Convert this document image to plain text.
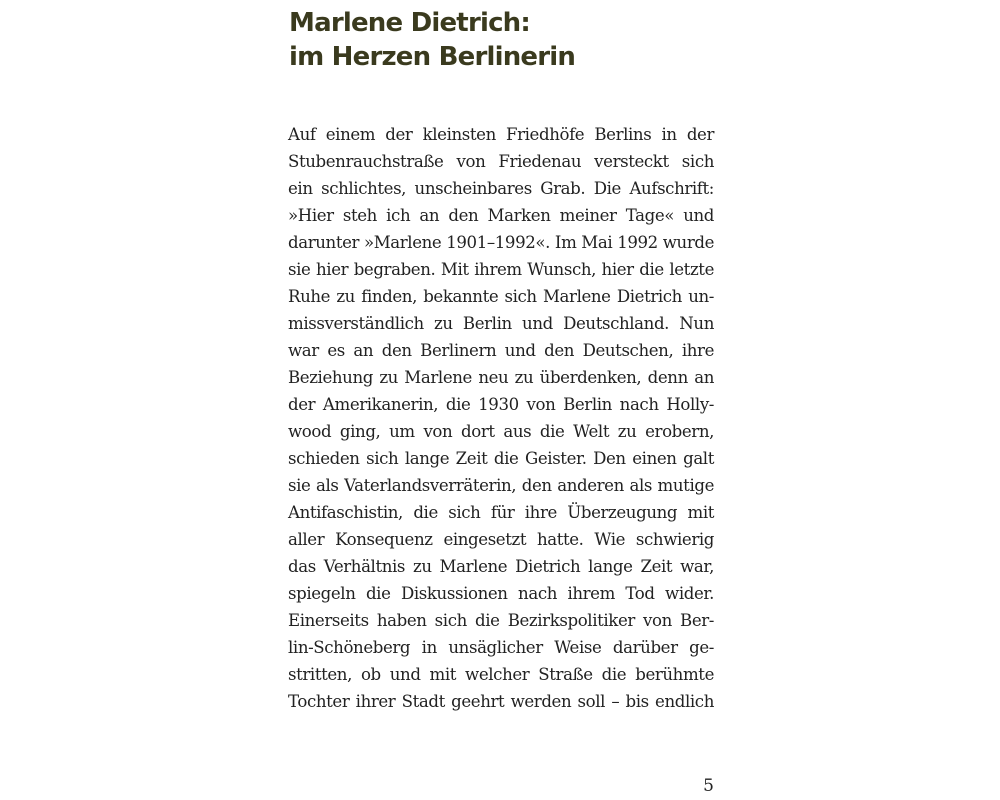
Marlene Dietrich:
im Herzen Berlinerin
Auf einem der kleinsten Friedhöfe Berlins in der
Stubenrauchstraße von Friedenau versteckt sich
ein schlichtes, unscheinbares Grab. Die Aufschrift:
»Hier steh ich an den Marken meiner Tage« und
darunter »Marlene 1901–1992«. Im Mai 1992 wurde
sie hier begraben. Mit ihrem Wunsch, hier die letzte
Ruhe zu finden, bekannte sich Marlene Dietrich un-
missverständlich zu Berlin und Deutschland. Nun
war es an den Berlinern und den Deutschen, ihre
Beziehung zu Marlene neu zu überdenken, denn an
der Amerikanerin, die 1930 von Berlin nach Holly-
wood ging, um von dort aus die Welt zu erobern,
schieden sich lange Zeit die Geister. Den einen galt
sie als Vaterlandsverräterin, den anderen als mutige
Antifaschistin, die sich für ihre Überzeugung mit
aller Konsequenz eingesetzt hatte. Wie schwierig
das Verhältnis zu Marlene Dietrich lange Zeit war,
spiegeln die Diskussionen nach ihrem Tod wider.
Einerseits haben sich die Bezirkspolitiker von Ber-
lin-Schöneberg in unsäglicher Weise darüber ge-
stritten, ob und mit welcher Straße die berühmte
Tochter ihrer Stadt geehrt werden soll – bis endlich
5
